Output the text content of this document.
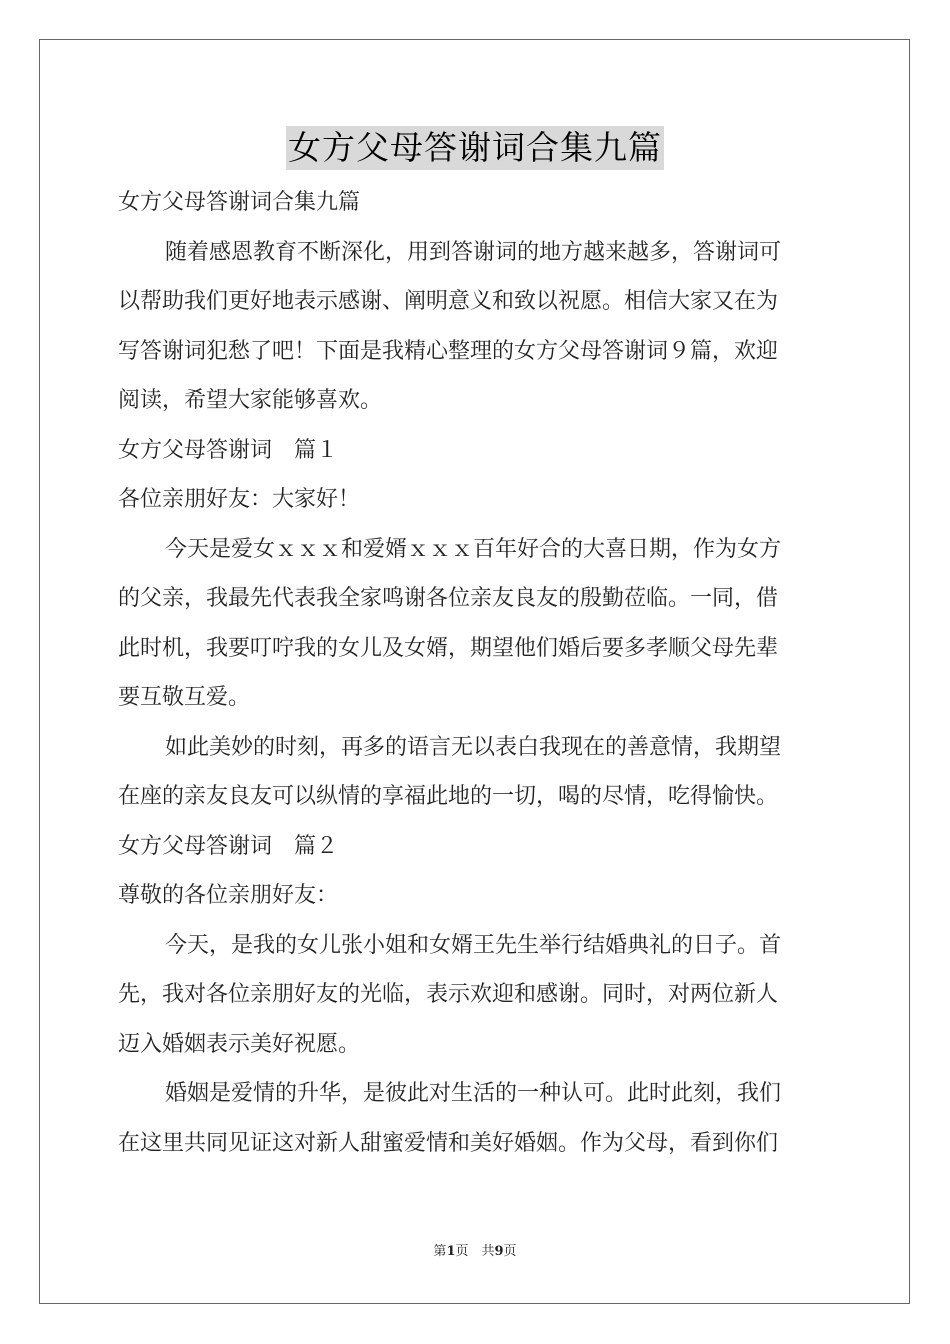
女方父母答谢词合集九篇
女方父母答谢词合集九篇
随着感恩教育不断深化，用到答谢词的地方越来越多，答谢词可
以帮助我们更好地表示感谢、阐明意义和致以祝愿。相信大家又在为
写答谢词犯愁了吧！下面是我精心整理的女方父母答谢词９篇，欢迎
阅读，希望大家能够喜欢。
女方父母答谢词　篇１
各位亲朋好友：大家好！
今天是爱女ｘｘｘ和爱婿ｘｘｘ百年好合的大喜日期，作为女方
的父亲，我最先代表我全家鸣谢各位亲友良友的殷勤莅临。一同，借
此时机，我要叮咛我的女儿及女婿，期望他们婚后要多孝顺父母先辈
要互敬互爱。
如此美妙的时刻，再多的语言无以表白我现在的善意情，我期望
在座的亲友良友可以纵情的享福此地的一切，喝的尽情，吃得愉快。
女方父母答谢词　篇２
尊敬的各位亲朋好友：
今天，是我的女儿张小姐和女婿王先生举行结婚典礼的日子。首
先，我对各位亲朋好友的光临，表示欢迎和感谢。同时，对两位新人
迈入婚姻表示美好祝愿。
婚姻是爱情的升华，是彼此对生活的一种认可。此时此刻，我们
在这里共同见证这对新人甜蜜爱情和美好婚姻。作为父母，看到你们
第1页　共9页
